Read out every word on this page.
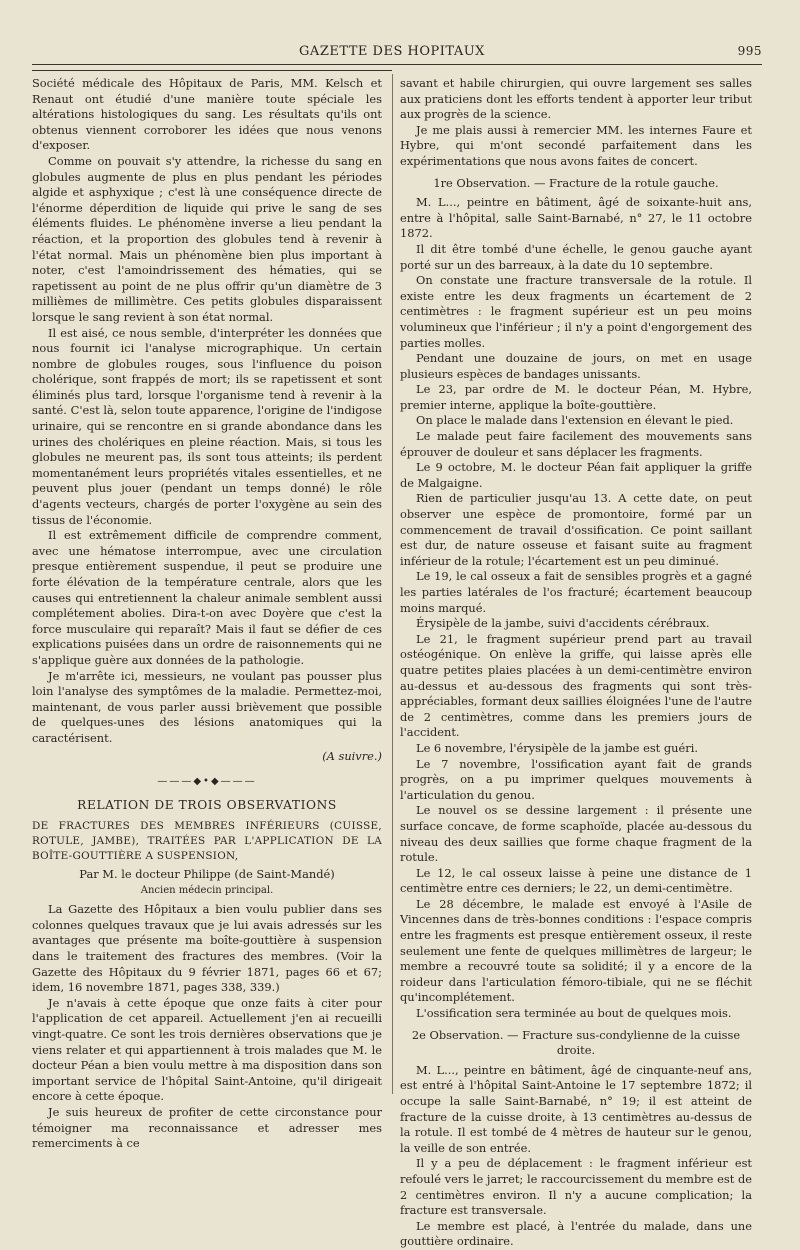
GAZETTE DES HOPITAUX	995

Société médicale des Hôpitaux de Paris, MM. Kelsch et Renaut ont étudié d'une manière toute spéciale les altérations histologiques du sang. Les résultats qu'ils ont obtenus viennent corroborer les idées que nous venons d'exposer.

Comme on pouvait s'y attendre, la richesse du sang en globules augmente de plus en plus pendant les périodes algide et asphyxique ; c'est là une conséquence directe de l'énorme déperdition de liquide qui prive le sang de ses éléments fluides. Le phénomène inverse a lieu pendant la réaction, et la proportion des globules tend à revenir à l'état normal. Mais un phénomène bien plus important à noter, c'est l'amoindrissement des hématies, qui se rapetissent au point de ne plus offrir qu'un diamètre de 3 millièmes de millimètre. Ces petits globules disparaissent lorsque le sang revient à son état normal.

Il est aisé, ce nous semble, d'interpréter les données que nous fournit ici l'analyse micrographique. Un certain nombre de globules rouges, sous l'influence du poison cholérique, sont frappés de mort; ils se rapetissent et sont éliminés plus tard, lorsque l'organisme tend à revenir à la santé. C'est là, selon toute apparence, l'origine de l'indigose urinaire, qui se rencontre en si grande abondance dans les urines des cholériques en pleine réaction. Mais, si tous les globules ne meurent pas, ils sont tous atteints; ils perdent momentanément leurs propriétés vitales essentielles, et ne peuvent plus jouer (pendant un temps donné) le rôle d'agents vecteurs, chargés de porter l'oxygène au sein des tissus de l'économie.

Il est extrêmement difficile de comprendre comment, avec une hématose interrompue, avec une circulation presque entièrement suspendue, il peut se produire une forte élévation de la température centrale, alors que les causes qui entretiennent la chaleur animale semblent aussi complétement abolies. Dira-t-on avec Doyère que c'est la force musculaire qui reparaît? Mais il faut se défier de ces explications puisées dans un ordre de raisonnements qui ne s'applique guère aux données de la pathologie.

Je m'arrête ici, messieurs, ne voulant pas pousser plus loin l'analyse des symptômes de la maladie. Permettez-moi, maintenant, de vous parler aussi brièvement que possible de quelques-unes des lésions anatomiques qui la caractérisent.

(A suivre.)
———◆•◆———
RELATION DE TROIS OBSERVATIONS

DE FRACTURES DES MEMBRES INFÉRIEURS (CUISSE, ROTULE, JAMBE), TRAITÉES PAR L'APPLICATION DE LA BOÎTE-GOUTTIÈRE A SUSPENSION,

Par M. le docteur Philippe (de Saint-Mandé)
Ancien médecin principal.

La Gazette des Hôpitaux a bien voulu publier dans ses colonnes quelques travaux que je lui avais adressés sur les avantages que présente ma boîte-gouttière à suspension dans le traitement des fractures des membres. (Voir la Gazette des Hôpitaux du 9 février 1871, pages 66 et 67; idem, 16 novembre 1871, pages 338, 339.)

Je n'avais à cette époque que onze faits à citer pour l'application de cet appareil. Actuellement j'en ai recueilli vingt-quatre. Ce sont les trois dernières observations que je viens relater et qui appartiennent à trois malades que M. le docteur Péan a bien voulu mettre à ma disposition dans son important service de l'hôpital Saint-Antoine, qu'il dirigeait encore à cette époque.

Je suis heureux de profiter de cette circonstance pour témoigner ma reconnaissance et adresser mes remerciments à ce

savant et habile chirurgien, qui ouvre largement ses salles aux praticiens dont les efforts tendent à apporter leur tribut aux progrès de la science.

Je me plais aussi à remercier MM. les internes Faure et Hybre, qui m'ont secondé parfaitement dans les expérimentations que nous avons faites de concert.

1re Observation. — Fracture de la rotule gauche.

M. L..., peintre en bâtiment, âgé de soixante-huit ans, entre à l'hôpital, salle Saint-Barnabé, n° 27, le 11 octobre 1872.

Il dit être tombé d'une échelle, le genou gauche ayant porté sur un des barreaux, à la date du 10 septembre.

On constate une fracture transversale de la rotule. Il existe entre les deux fragments un écartement de 2 centimètres : le fragment supérieur est un peu moins volumineux que l'inférieur ; il n'y a point d'engorgement des parties molles.

Pendant une douzaine de jours, on met en usage plusieurs espèces de bandages unissants.

Le 23, par ordre de M. le docteur Péan, M. Hybre, premier interne, applique la boîte-gouttière.

On place le malade dans l'extension en élevant le pied.

Le malade peut faire facilement des mouvements sans éprouver de douleur et sans déplacer les fragments.

Le 9 octobre, M. le docteur Péan fait appliquer la griffe de Malgaigne.

Rien de particulier jusqu'au 13. A cette date, on peut observer une espèce de promontoire, formé par un commencement de travail d'ossification. Ce point saillant est dur, de nature osseuse et faisant suite au fragment inférieur de la rotule; l'écartement est un peu diminué.

Le 19, le cal osseux a fait de sensibles progrès et a gagné les parties latérales de l'os fracturé; écartement beaucoup moins marqué.

Érysipèle de la jambe, suivi d'accidents cérébraux.

Le 21, le fragment supérieur prend part au travail ostéogénique. On enlève la griffe, qui laisse après elle quatre petites plaies placées à un demi-centimètre environ au-dessus et au-dessous des fragments qui sont très-appréciables, formant deux saillies éloignées l'une de l'autre de 2 centimètres, comme dans les premiers jours de l'accident.

Le 6 novembre, l'érysipèle de la jambe est guéri.

Le 7 novembre, l'ossification ayant fait de grands progrès, on a pu imprimer quelques mouvements à l'articulation du genou.

Le nouvel os se dessine largement : il présente une surface concave, de forme scaphoïde, placée au-dessous du niveau des deux saillies que forme chaque fragment de la rotule.

Le 12, le cal osseux laisse à peine une distance de 1 centimètre entre ces derniers; le 22, un demi-centimètre.

Le 28 décembre, le malade est envoyé à l'Asile de Vincennes dans de très-bonnes conditions : l'espace compris entre les fragments est presque entièrement osseux, il reste seulement une fente de quelques millimètres de largeur; le membre a recouvré toute sa solidité; il y a encore de la roideur dans l'articulation fémoro-tibiale, qui ne se fléchit qu'incomplétement.

L'ossification sera terminée au bout de quelques mois.

2e Observation. — Fracture sus-condylienne de la cuisse droite.

M. L..., peintre en bâtiment, âgé de cinquante-neuf ans, est entré à l'hôpital Saint-Antoine le 17 septembre 1872; il occupe la salle Saint-Barnabé, n° 19; il est atteint de fracture de la cuisse droite, à 13 centimètres au-dessus de la rotule. Il est tombé de 4 mètres de hauteur sur le genou, la veille de son entrée.

Il y a peu de déplacement : le fragment inférieur est refoulé vers le jarret; le raccourcissement du membre est de 2 centimètres environ. Il n'y a aucune complication; la fracture est transversale.

Le membre est placé, à l'entrée du malade, dans une gouttière ordinaire.
